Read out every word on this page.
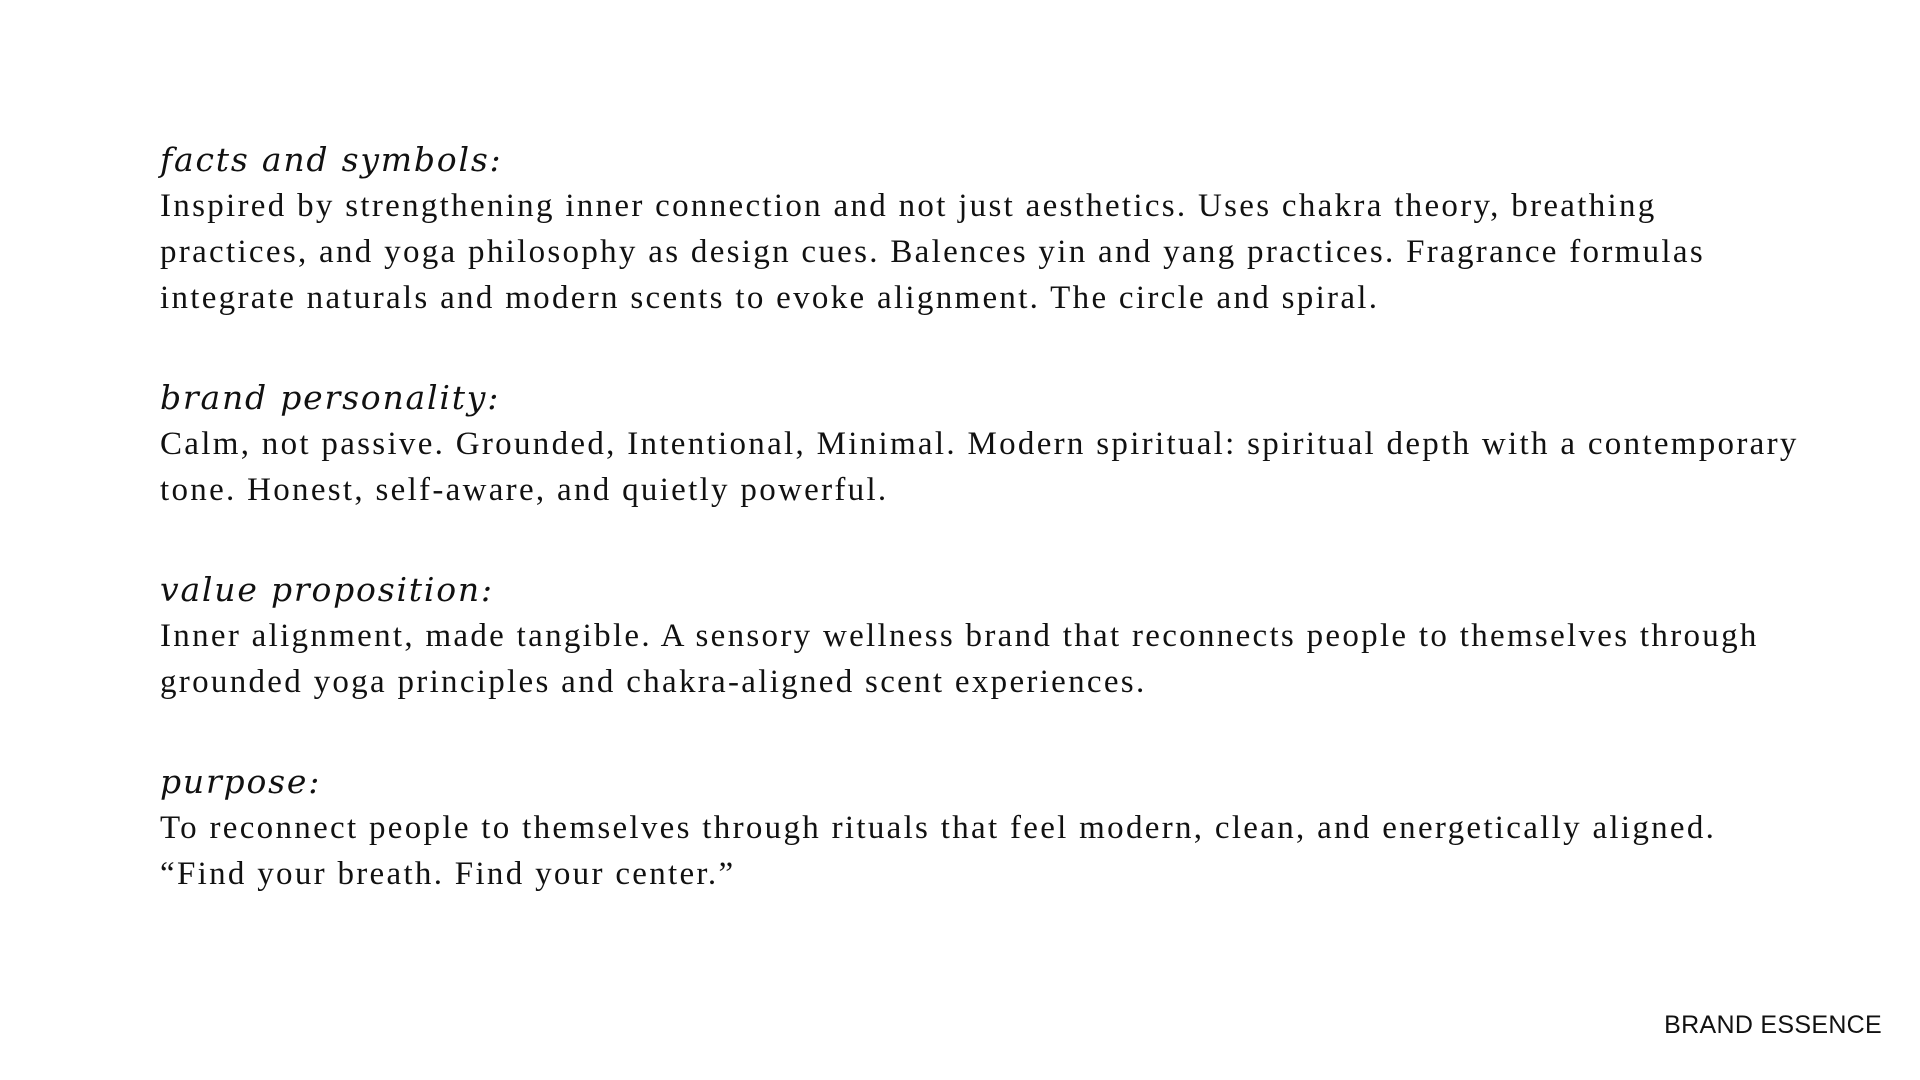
facts and symbols:

Inspired by strengthening inner connection and not just aesthetics. Uses chakra theory, breathing practices, and yoga philosophy as design cues. Balences yin and yang practices. Fragrance formulas integrate naturals and modern scents to evoke alignment. The circle and spiral.

brand personality:

Calm, not passive. Grounded, Intentional, Minimal. Modern spiritual: spiritual depth with a contemporary tone. Honest, self-aware, and quietly powerful.

value proposition:

Inner alignment, made tangible. A sensory wellness brand that reconnects people to themselves through grounded yoga principles and chakra-aligned scent experiences.

purpose:

To reconnect people to themselves through rituals that feel modern, clean, and energetically aligned. “Find your breath. Find your center.”

BRAND ESSENCE
